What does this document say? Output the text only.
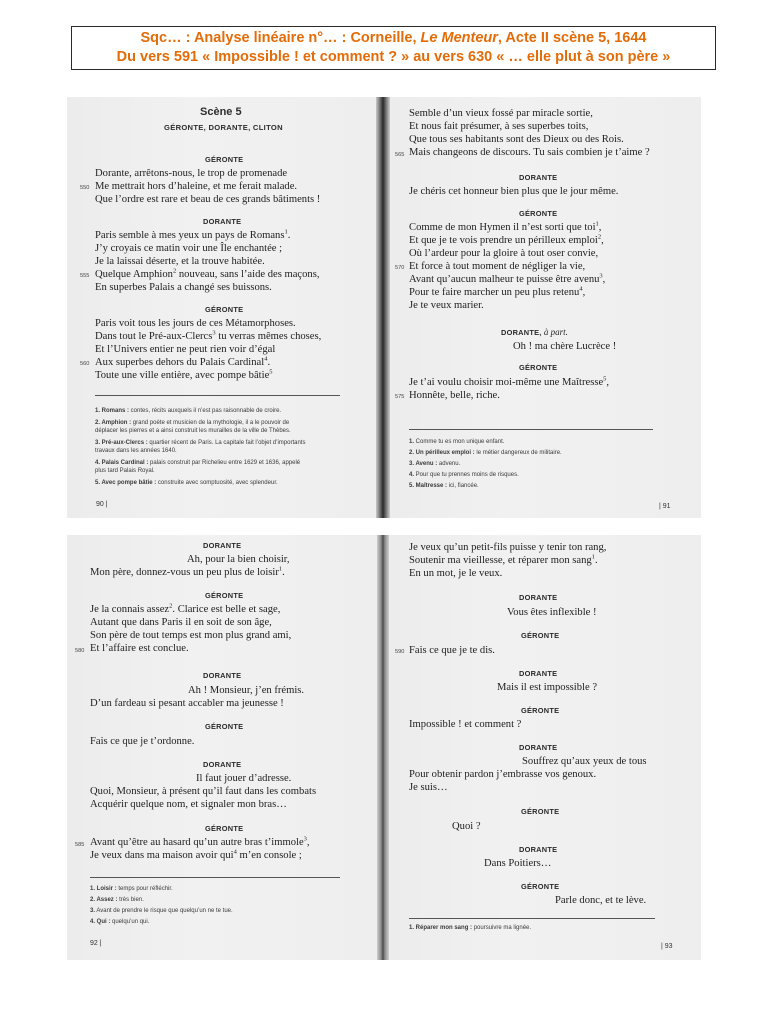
Sqc… : Analyse linéaire n°… : Corneille, Le Menteur, Acte II scène 5, 1644
Du vers 591 « Impossible ! et comment ? » au vers 630 « … elle plut à son père »
Scène 5
GÉRONTE, DORANTE, CLITON
GÉRONTE
Dorante, arrêtons-nous, le trop de promenade
550 Me mettrait hors d’haleine, et me ferait malade.
Que l’ordre est rare et beau de ces grands bâtiments !
DORANTE
Paris semble à mes yeux un pays de Romans$^1$.
J’y croyais ce matin voir une Île enchantée ;
Je la laissai déserte, et la trouve habitée.
555 Quelque Amphion$^2$ nouveau, sans l’aide des maçons,
En superbes Palais a changé ses buissons.
GÉRONTE
Paris voit tous les jours de ces Métamorphoses.
Dans tout le Pré-aux-Clercs$^3$ tu verras mêmes choses,
Et l’Univers entier ne peut rien voir d’égal
560 Aux superbes dehors du Palais Cardinal$^4$.
Toute une ville entière, avec pompe bâtie$^5$
1. Romans : contes, récits auxquels il n’est pas raisonnable de croire.
2. Amphion : grand poète et musicien de la mythologie, il a le pouvoir de
déplacer les pierres et a ainsi construit les murailles de la ville de Thèbes.
3. Pré-aux-Clercs : quartier récent de Paris. La capitale fait l’objet d’importants
travaux dans les années 1640.
4. Palais Cardinal : palais construit par Richelieu entre 1629 et 1636, appelé
plus tard Palais Royal.
5. Avec pompe bâtie : construite avec somptuosité, avec splendeur.
90 |
Semble d’un vieux fossé par miracle sortie,
Et nous fait présumer, à ses superbes toits,
Que tous ses habitants sont des Dieux ou des Rois.
565 Mais changeons de discours. Tu sais combien je t’aime ?
DORANTE
Je chéris cet honneur bien plus que le jour même.
GÉRONTE
Comme de mon Hymen il n’est sorti que toi$^1$,
Et que je te vois prendre un périlleux emploi$^2$,
Où l’ardeur pour la gloire à tout oser convie,
570 Et force à tout moment de négliger la vie,
Avant qu’aucun malheur te puisse être avenu$^3$,
Pour te faire marcher un peu plus retenu$^4$,
Je te veux marier.
DORANTE, à part.
Oh ! ma chère Lucrèce !
GÉRONTE
Je t’ai voulu choisir moi-même une Maîtresse$^5$,
575 Honnête, belle, riche.
1. Comme tu es mon unique enfant.
2. Un périlleux emploi : le métier dangereux de militaire.
3. Avenu : advenu.
4. Pour que tu prennes moins de risques.
5. Maîtresse : ici, fiancée.
| 91
DORANTE
Ah, pour la bien choisir,
Mon père, donnez-vous un peu plus de loisir$^1$.
GÉRONTE
Je la connais assez$^2$. Clarice est belle et sage,
Autant que dans Paris il en soit de son âge,
Son père de tout temps est mon plus grand ami,
580 Et l’affaire est conclue.
DORANTE
Ah ! Monsieur, j’en frémis.
D’un fardeau si pesant accabler ma jeunesse !
GÉRONTE
Fais ce que je t’ordonne.
DORANTE
Il faut jouer d’adresse.
Quoi, Monsieur, à présent qu’il faut dans les combats
Acquérir quelque nom, et signaler mon bras…
GÉRONTE
585 Avant qu’être au hasard qu’un autre bras t’immole$^3$,
Je veux dans ma maison avoir qui$^4$ m’en console ;
1. Loisir : temps pour réfléchir.
2. Assez : très bien.
3. Avant de prendre le risque que quelqu’un ne te tue.
4. Qui : quelqu’un qui.
92 |
Je veux qu’un petit-fils puisse y tenir ton rang,
Soutenir ma vieillesse, et réparer mon sang$^1$.
En un mot, je le veux.
DORANTE
Vous êtes inflexible !
GÉRONTE
590 Fais ce que je te dis.
DORANTE
Mais il est impossible ?
GÉRONTE
Impossible ! et comment ?
DORANTE
Souffrez qu’aux yeux de tous
Pour obtenir pardon j’embrasse vos genoux.
Je suis…
GÉRONTE
Quoi ?
DORANTE
Dans Poitiers…
GÉRONTE
Parle donc, et te lève.
1. Réparer mon sang : poursuivre ma lignée.
| 93
